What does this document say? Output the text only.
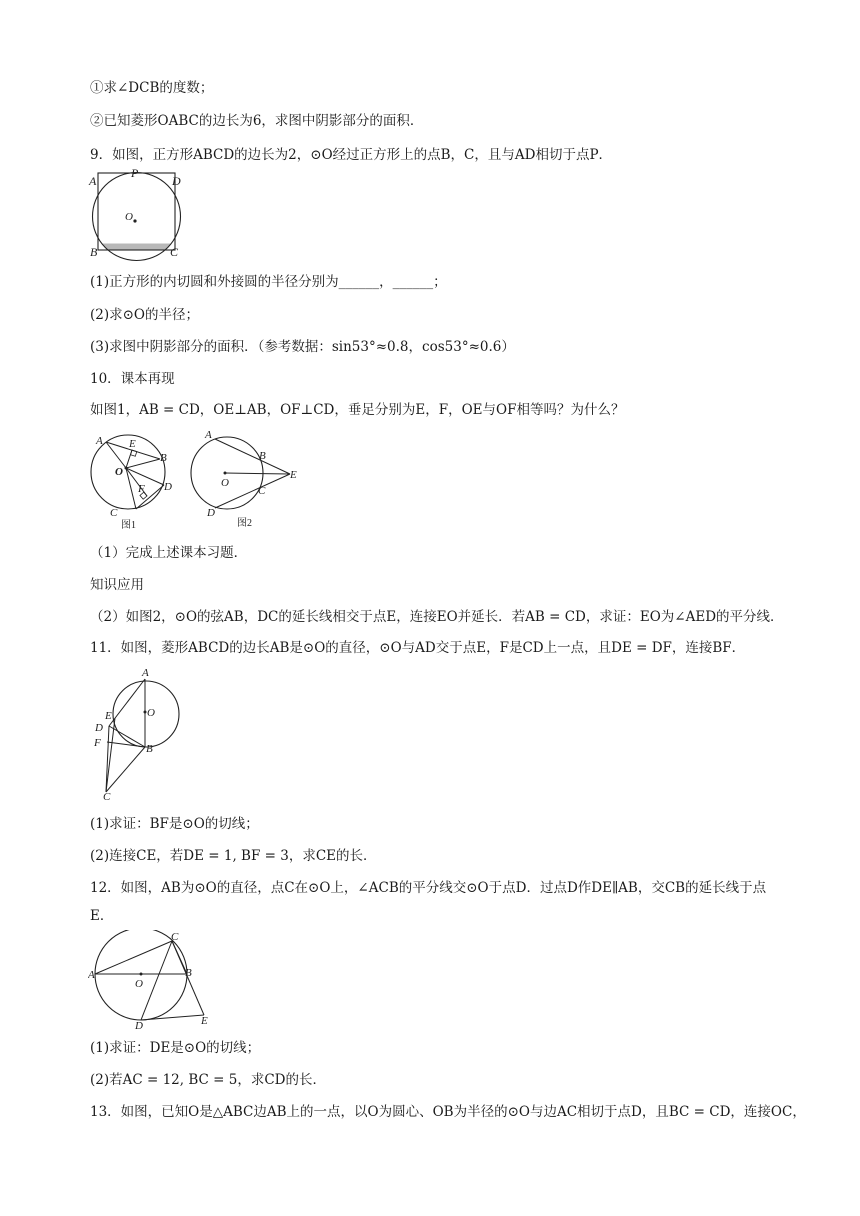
①求∠DCB的度数；
②已知菱形OABC的边长为6，求图中阴影部分的面积．
9．如图，正方形ABCD的边长为2，⊙O经过正方形上的点B，C，且与AD相切于点P．
A
P
D
O
B	C
(1)正方形的内切圆和外接圆的半径分别为______，______；
(2)求⊙O的半径；
(3)求图中阴影部分的面积．（参考数据：sin53°≈0.8，cos53°≈0.6）
10．课本再现
如图1，AB = CD，OE⊥AB，OF⊥CD，垂足分别为E，F，OE与OF相等吗？为什么？
A E
B
O
F D
C
图1
A
B
E
O
C
D
图2
（1）完成上述课本习题．
知识应用
（2）如图2，⊙O的弦AB，DC的延长线相交于点E，连接EO并延长．若AB = CD，求证：EO为∠AED的平分线．
11．如图，菱形ABCD的边长AB是⊙O的直径，⊙O与AD交于点E，F是CD上一点，且DE = DF，连接BF．
A
O
E
D
F	B
C
(1)求证：BF是⊙O的切线；
(2)连接CE，若DE = 1, BF = 3，求CE的长．
12．如图，AB为⊙O的直径，点C在⊙O上，∠ACB的平分线交⊙O于点D．过点D作DE∥AB，交CB的延长线于点
E．
C
A
O
B
D	E
(1)求证：DE是⊙O的切线；
(2)若AC = 12, BC = 5，求CD的长．
13．如图，已知O是△ABC边AB上的一点，以O为圆心、OB为半径的⊙O与边AC相切于点D，且BC = CD，连接OC，
